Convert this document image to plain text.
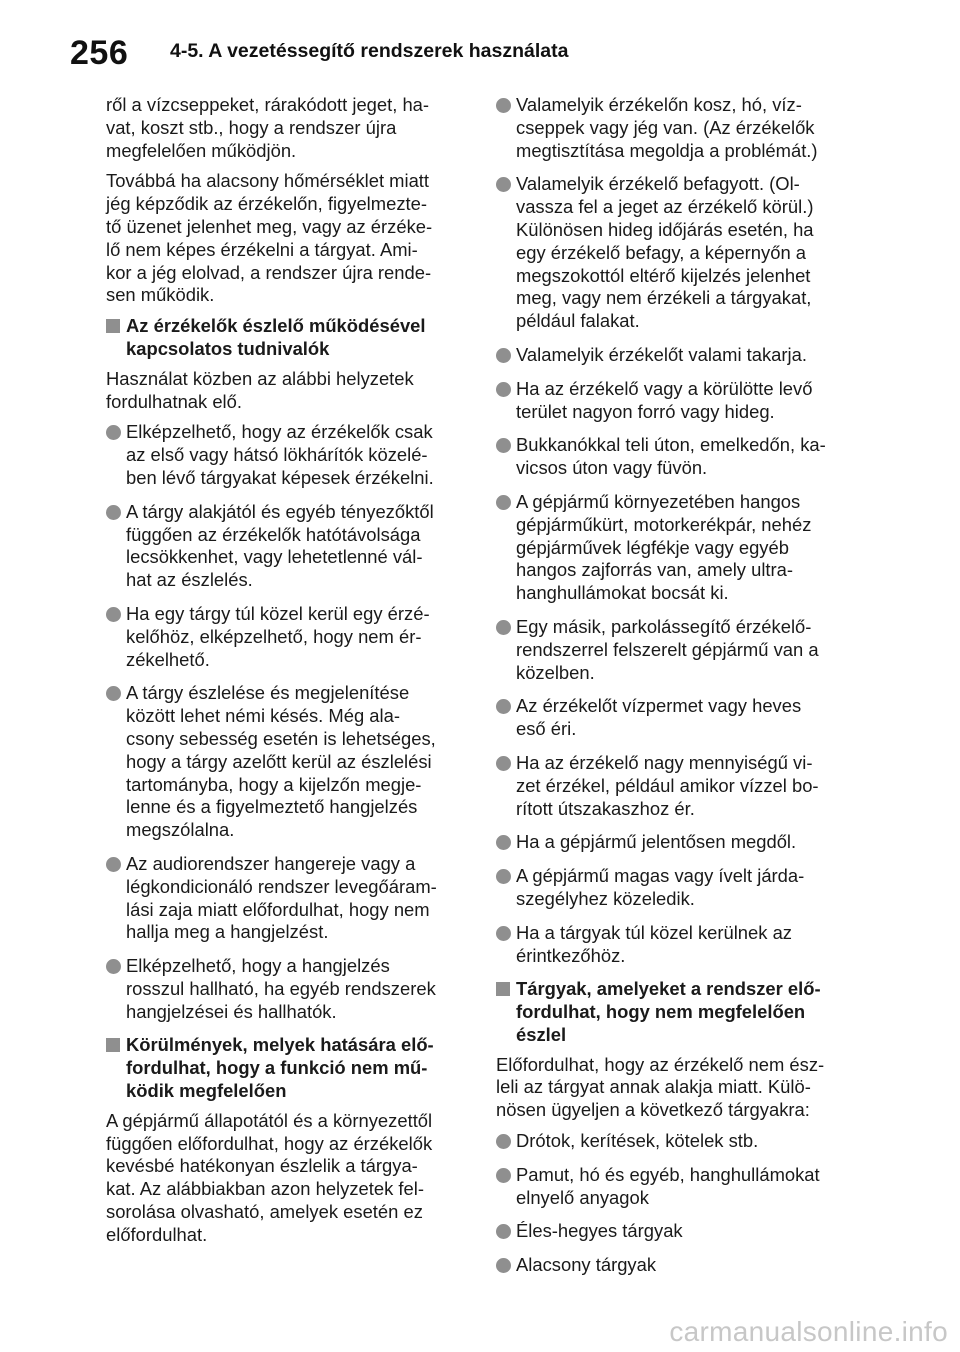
256 4-5. A vezetéssegítő rendszerek használata

ről a vízcseppeket, rárakódott jeget, ha-
vat, koszt stb., hogy a rendszer újra
megfelelően működjön.

Továbbá ha alacsony hőmérséklet miatt
jég képződik az érzékelőn, figyelmezte-
tő üzenet jelenhet meg, vagy az érzéke-
lő nem képes érzékelni a tárgyat. Ami-
kor a jég elolvad, a rendszer újra rende-
sen működik.

Az érzékelők észlelő működésével
kapcsolatos tudnivalók

Használat közben az alábbi helyzetek
fordulhatnak elő.

Elképzelhető, hogy az érzékelők csak
az első vagy hátsó lökhárítók közelé-
ben lévő tárgyakat képesek érzékelni.
A tárgy alakjától és egyéb tényezőktől
függően az érzékelők hatótávolsága
lecsökkenhet, vagy lehetetlenné vál-
hat az észlelés.
Ha egy tárgy túl közel kerül egy érzé-
kelőhöz, elképzelhető, hogy nem ér-
zékelhető.
A tárgy észlelése és megjelenítése
között lehet némi késés. Még ala-
csony sebesség esetén is lehetséges,
hogy a tárgy azelőtt kerül az észlelési
tartományba, hogy a kijelzőn megje-
lenne és a figyelmeztető hangjelzés
megszólalna.
Az audiorendszer hangereje vagy a
légkondicionáló rendszer levegőáram-
lási zaja miatt előfordulhat, hogy nem
hallja meg a hangjelzést.
Elképzelhető, hogy a hangjelzés
rosszul hallható, ha egyéb rendszerek
hangjelzései és hallhatók.
Körülmények, melyek hatására elő-
fordulhat, hogy a funkció nem mű-
ködik megfelelően

A gépjármű állapotától és a környezettől
függően előfordulhat, hogy az érzékelők
kevésbé hatékonyan észlelik a tárgya-
kat. Az alábbiakban azon helyzetek fel-
sorolása olvasható, amelyek esetén ez
előfordulhat.

Valamelyik érzékelőn kosz, hó, víz-
cseppek vagy jég van. (Az érzékelők
megtisztítása megoldja a problémát.)
Valamelyik érzékelő befagyott. (Ol-
vassza fel a jeget az érzékelő körül.)
Különösen hideg időjárás esetén, ha
egy érzékelő befagy, a képernyőn a
megszokottól eltérő kijelzés jelenhet
meg, vagy nem érzékeli a tárgyakat,
például falakat.
Valamelyik érzékelőt valami takarja.
Ha az érzékelő vagy a körülötte levő
terület nagyon forró vagy hideg.
Bukkanókkal teli úton, emelkedőn, ka-
vicsos úton vagy füvön.
A gépjármű környezetében hangos
gépjárműkürt, motorkerékpár, nehéz
gépjárművek légfékje vagy egyéb
hangos zajforrás van, amely ultra-
hanghullámokat bocsát ki.
Egy másik, parkolássegítő érzékelő-
rendszerrel felszerelt gépjármű van a
közelben.
Az érzékelőt vízpermet vagy heves
eső éri.
Ha az érzékelő nagy mennyiségű vi-
zet érzékel, például amikor vízzel bo-
rított útszakaszhoz ér.
Ha a gépjármű jelentősen megdől.
A gépjármű magas vagy ívelt járda-
szegélyhez közeledik.
Ha a tárgyak túl közel kerülnek az
érintkezőhöz.
Tárgyak, amelyeket a rendszer elő-
fordulhat, hogy nem megfelelően
észlel

Előfordulhat, hogy az érzékelő nem ész-
leli az tárgyat annak alakja miatt. Külö-
nösen ügyeljen a következő tárgyakra:

Drótok, kerítések, kötelek stb.
Pamut, hó és egyéb, hanghullámokat
elnyelő anyagok
Éles-hegyes tárgyak
Alacsony tárgyak
carmanualsonline.info
